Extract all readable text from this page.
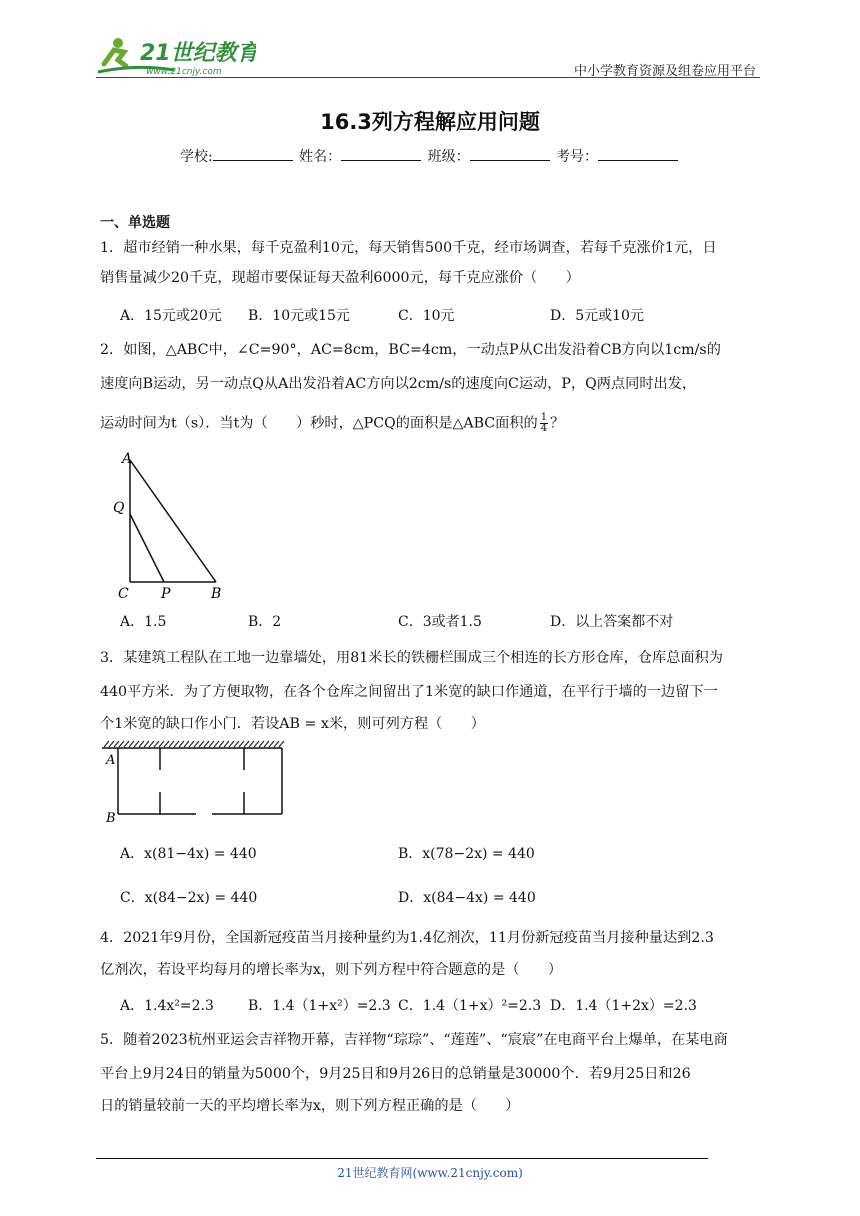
21世纪教育
www.21cnjy.com	中小学教育资源及组卷应用平台
16.3列方程解应用问题
学校:	姓名：	班级：	考号：
一、单选题
1．超市经销一种水果，每千克盈利10元，每天销售500千克，经市场调查，若每千克涨价1元，日
销售量减少20千克，现超市要保证每天盈利6000元，每千克应涨价（　　）
A．15元或20元 B．10元或15元	C．10元	D．5元或10元
2．如图，△ABC中，∠C=90°，AC=8cm，BC=4cm，一动点P从C出发沿着CB方向以1cm/s的
速度向B运动，另一动点Q从A出发沿着AC方向以2cm/s的速度向C运动，P，Q两点同时出发，
运动时间为t（s）．当t为（　　）秒时，△PCQ的面积是△ABC面积的 $\frac{1}{4}$ ？
A
Q
C P	B
A．1.5	B．2	C．3或者1.5	D．以上答案都不对
3．某建筑工程队在工地一边靠墙处，用81米长的铁栅栏围成三个相连的长方形仓库，仓库总面积为
440平方米．为了方便取物，在各个仓库之间留出了1米宽的缺口作通道，在平行于墙的一边留下一
个1米宽的缺口作小门．若设AB = x米，则可列方程（　　）
A
B
A．x(81−4x) = 440	B．x(78−2x) = 440
C．x(84−2x) = 440	D．x(84−4x) = 440
4．2021年9月份，全国新冠疫苗当月接种量约为1.4亿剂次，11月份新冠疫苗当月接种量达到2.3
亿剂次，若设平均每月的增长率为x，则下列方程中符合题意的是（　　）
A．1.4x²=2.3 B．1.4（1+x²）=2.3 C．1.4（1+x）²=2.3 D．1.4（1+2x）=2.3
5．随着2023杭州亚运会吉祥物开幕，吉祥物“琮琮”、“莲莲”、“宸宸”在电商平台上爆单，在某电商
平台上9月24日的销量为5000个，9月25日和9月26日的总销量是30000个．若9月25日和26
日的销量较前一天的平均增长率为x，则下列方程正确的是（　　）
21世纪教育网(www.21cnjy.com)
